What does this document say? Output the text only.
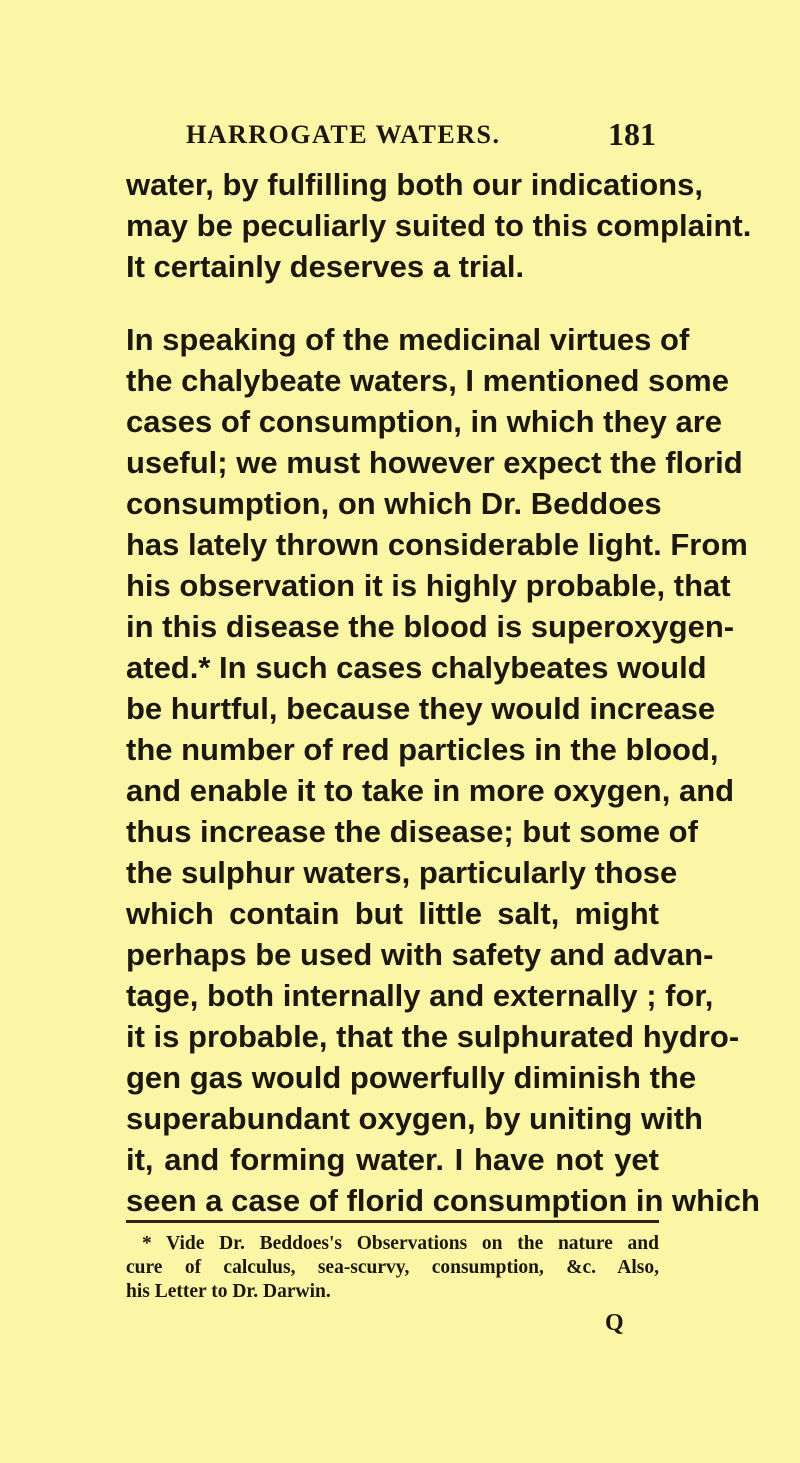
HARROGATE WATERS.	181
water, by fulfilling both our indications,
may be peculiarly suited to this complaint.
It certainly deserves a trial.
In speaking of the medicinal virtues of
the chalybeate waters, I mentioned some
cases of consumption, in which they are
useful; we must however expect the florid
consumption, on which Dr. Beddoes
has lately thrown considerable light. From
his observation it is highly probable, that
in this disease the blood is superoxygen-
ated.* In such cases chalybeates would
be hurtful, because they would increase
the number of red particles in the blood,
and enable it to take in more oxygen, and
thus increase the disease; but some of
the sulphur waters, particularly those
which contain but little salt, might
perhaps be used with safety and advan-
tage, both internally and externally ; for,
it is probable, that the sulphurated hydro-
gen gas would powerfully diminish the
superabundant oxygen, by uniting with
it, and forming water. I have not yet
seen a case of florid consumption in which
* Vide Dr. Beddoes's Observations on the nature and
cure of calculus, sea-scurvy, consumption, &c. Also,
his Letter to Dr. Darwin.
Q
